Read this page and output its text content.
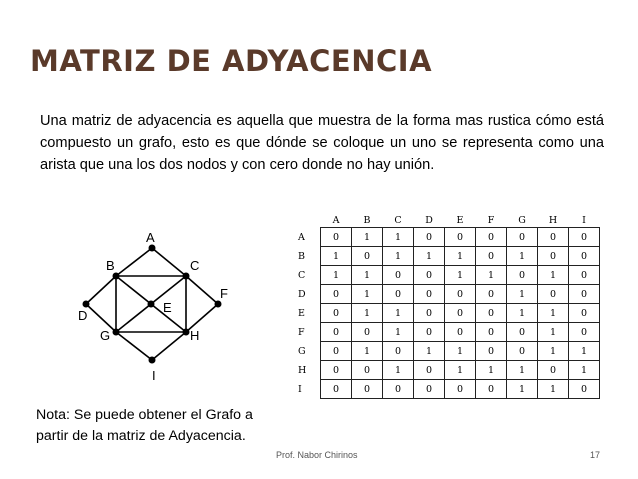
MATRIZ DE ADYACENCIA
Una matriz de adyacencia es aquella que muestra de la forma mas rustica cómo está compuesto un grafo, esto es que dónde se coloque un uno se representa como una arista que una los dos nodos y con cero donde no hay unión.
A
B	C
D
E
F
G	H
I
	A	B	C	D	E	F	G	H	I
A	0	1	1	0	0	0	0	0	0
B	1	0	1	1	1	0	1	0	0
C	1	1	0	0	1	1	0	1	0
D	0	1	0	0	0	0	1	0	0
E	0	1	1	0	0	0	1	1	0
F	0	0	1	0	0	0	0	1	0
G	0	1	0	1	1	0	0	1	1
H	0	0	1	0	1	1	1	0	1
I	0	0	0	0	0	0	1	1	0
Nota: Se puede obtener el Grafo a
partir de la matriz de Adyacencia.
Prof. Nabor Chirinos	17
